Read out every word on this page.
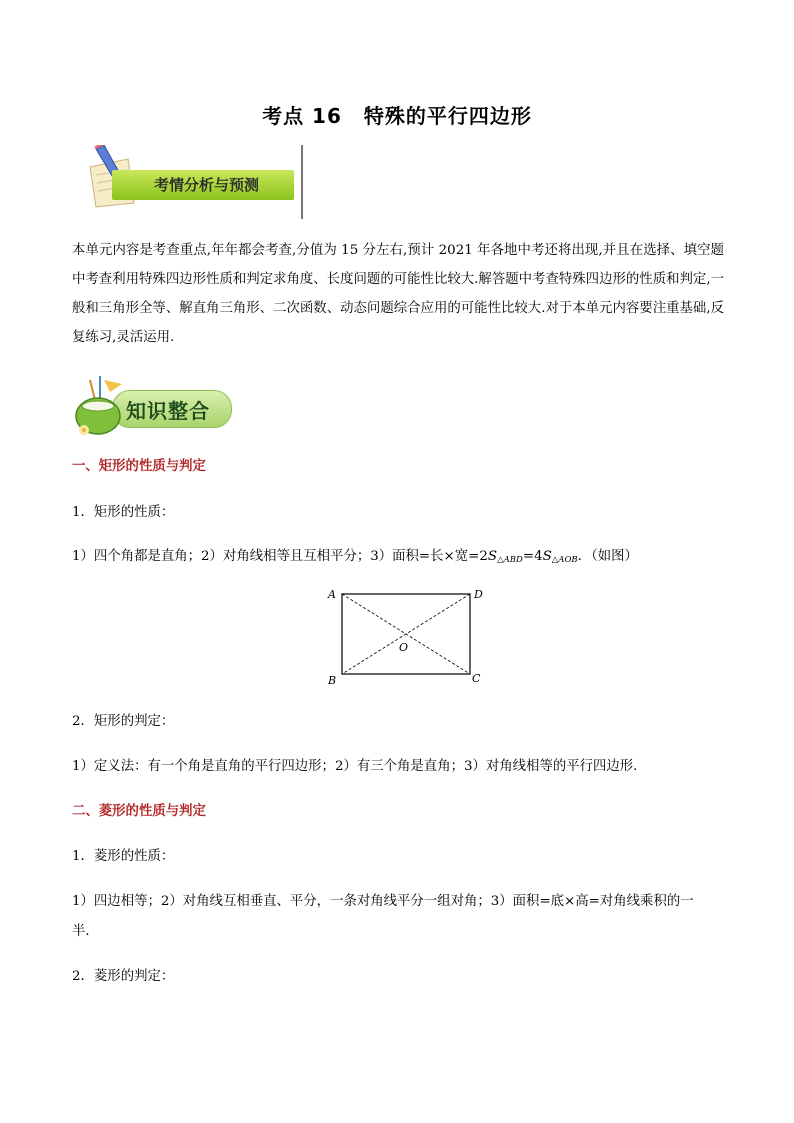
考点 16 特殊的平行四边形
考情分析与预测
本单元内容是考查重点,年年都会考查,分值为 15 分左右,预计 2021 年各地中考还将出现,并且在选择、填空题中考查利用特殊四边形性质和判定求角度、长度问题的可能性比较大.解答题中考查特殊四边形的性质和判定,一般和三角形全等、解直角三角形、二次函数、动态问题综合应用的可能性比较大.对于本单元内容要注重基础,反复练习,灵活运用.
知识整合
一、矩形的性质与判定
1．矩形的性质：
1）四个角都是直角；2）对角线相等且互相平分；3）面积=长×宽$=2S_{\triangle ABD}=4S_{\triangle AOB}$．（如图）
A	D
B	C
O
2．矩形的判定：
1）定义法：有一个角是直角的平行四边形；2）有三个角是直角；3）对角线相等的平行四边形．
二、菱形的性质与判定
1．菱形的性质：
1）四边相等；2）对角线互相垂直、平分，一条对角线平分一组对角；3）面积=底×高=对角线乘积的一
半．
2．菱形的判定：
